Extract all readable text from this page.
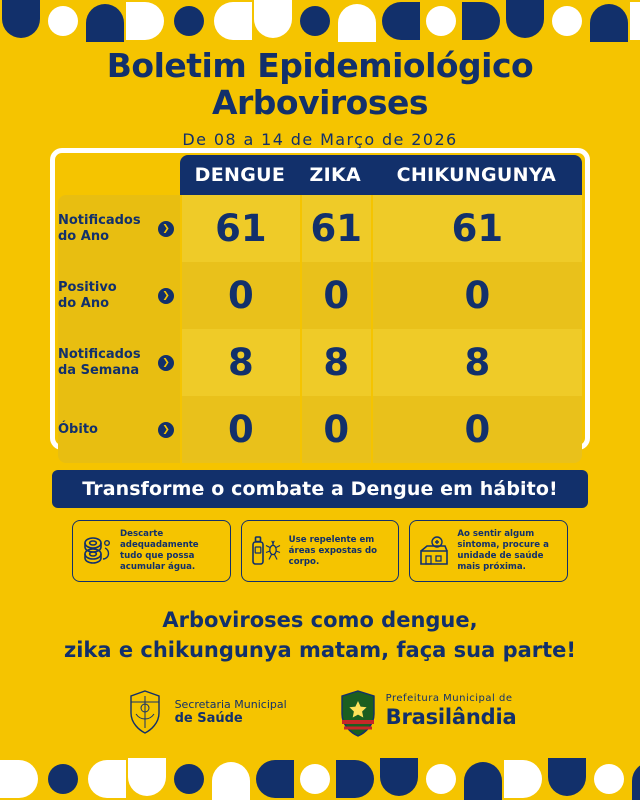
Boletim Epidemiológico
Arboviroses
De 08 a 14 de Março de 2026
	DENGUE	ZIKA	CHIKUNGUNYA
Notificados
do Ano ❯	61	61	61
Positivo
do Ano ❯	0	0	0
Notificados
da Semana ❯	8	8	8
Óbito ❯	0	0	0
Transforme o combate a Dengue em hábito!
Descarte adequadamente tudo que possa acumular água.
Use repelente em áreas expostas do corpo.
Ao sentir algum sintoma, procure a unidade de saúde mais próxima.
Arboviroses como dengue,
zika e chikungunya matam, faça sua parte!
Secretaria Municipal
de Saúde
Prefeitura Municipal de
Brasilândia
